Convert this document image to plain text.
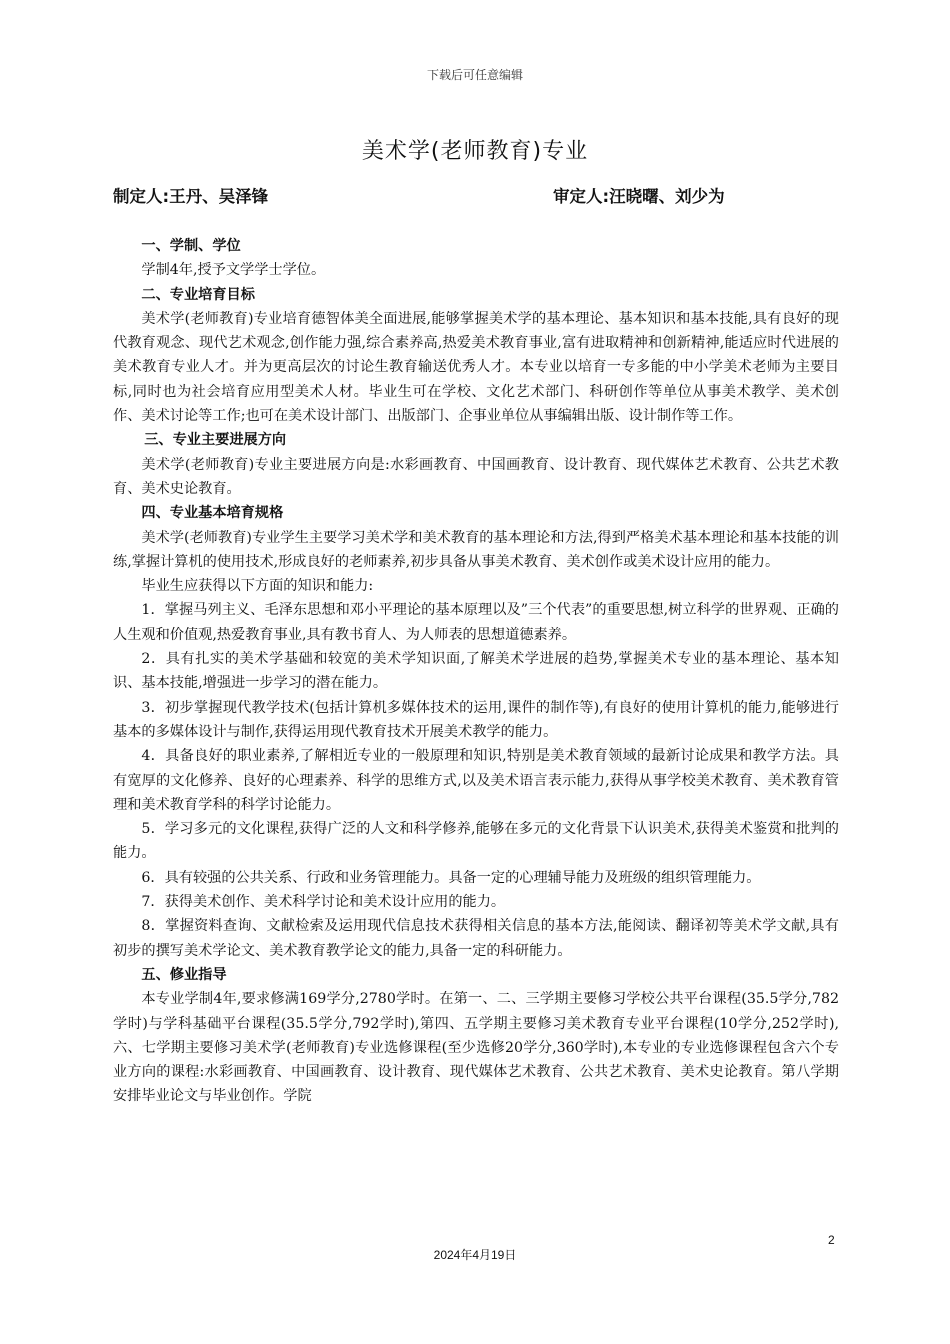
下载后可任意编辑
美术学(老师教育)专业
制定人:王丹、吴泽锋	审定人:汪晓曙、刘少为
一、学制、学位

学制4年,授予文学学士学位。

二、专业培育目标

美术学(老师教育)专业培育德智体美全面进展,能够掌握美术学的基本理论、基本知识和基本技能,具有良好的现代教育观念、现代艺术观念,创作能力强,综合素养高,热爱美术教育事业,富有进取精神和创新精神,能适应时代进展的美术教育专业人才。并为更高层次的讨论生教育输送优秀人才。本专业以培育一专多能的中小学美术老师为主要目标,同时也为社会培育应用型美术人材。毕业生可在学校、文化艺术部门、科研创作等单位从事美术教学、美术创作、美术讨论等工作;也可在美术设计部门、出版部门、企事业单位从事编辑出版、设计制作等工作。

三、专业主要进展方向

美术学(老师教育)专业主要进展方向是:水彩画教育、中国画教育、设计教育、现代媒体艺术教育、公共艺术教育、美术史论教育。

四、专业基本培育规格

美术学(老师教育)专业学生主要学习美术学和美术教育的基本理论和方法,得到严格美术基本理论和基本技能的训练,掌握计算机的使用技术,形成良好的老师素养,初步具备从事美术教育、美术创作或美术设计应用的能力。

毕业生应获得以下方面的知识和能力:

1．掌握马列主义、毛泽东思想和邓小平理论的基本原理以及”三个代表”的重要思想,树立科学的世界观、正确的人生观和价值观,热爱教育事业,具有教书育人、为人师表的思想道德素养。

2．具有扎实的美术学基础和较宽的美术学知识面,了解美术学进展的趋势,掌握美术专业的基本理论、基本知识、基本技能,增强进一步学习的潜在能力。

3．初步掌握现代教学技术(包括计算机多媒体技术的运用,课件的制作等),有良好的使用计算机的能力,能够进行基本的多媒体设计与制作,获得运用现代教育技术开展美术教学的能力。

4．具备良好的职业素养,了解相近专业的一般原理和知识,特别是美术教育领域的最新讨论成果和教学方法。具有宽厚的文化修养、良好的心理素养、科学的思维方式,以及美术语言表示能力,获得从事学校美术教育、美术教育管理和美术教育学科的科学讨论能力。

5．学习多元的文化课程,获得广泛的人文和科学修养,能够在多元的文化背景下认识美术,获得美术鉴赏和批判的能力。

6．具有较强的公共关系、行政和业务管理能力。具备一定的心理辅导能力及班级的组织管理能力。

7．获得美术创作、美术科学讨论和美术设计应用的能力。

8．掌握资料查询、文献检索及运用现代信息技术获得相关信息的基本方法,能阅读、翻译初等美术学文献,具有初步的撰写美术学论文、美术教育教学论文的能力,具备一定的科研能力。

五、修业指导

本专业学制4年,要求修满169学分,2780学时。在第一、二、三学期主要修习学校公共平台课程(35.5学分,782学时)与学科基础平台课程(35.5学分,792学时),第四、五学期主要修习美术教育专业平台课程(10学分,252学时),六、七学期主要修习美术学(老师教育)专业选修课程(至少选修20学分,360学时),本专业的专业选修课程包含六个专业方向的课程:水彩画教育、中国画教育、设计教育、现代媒体艺术教育、公共艺术教育、美术史论教育。第八学期安排毕业论文与毕业创作。学院

2
2024年4月19日
